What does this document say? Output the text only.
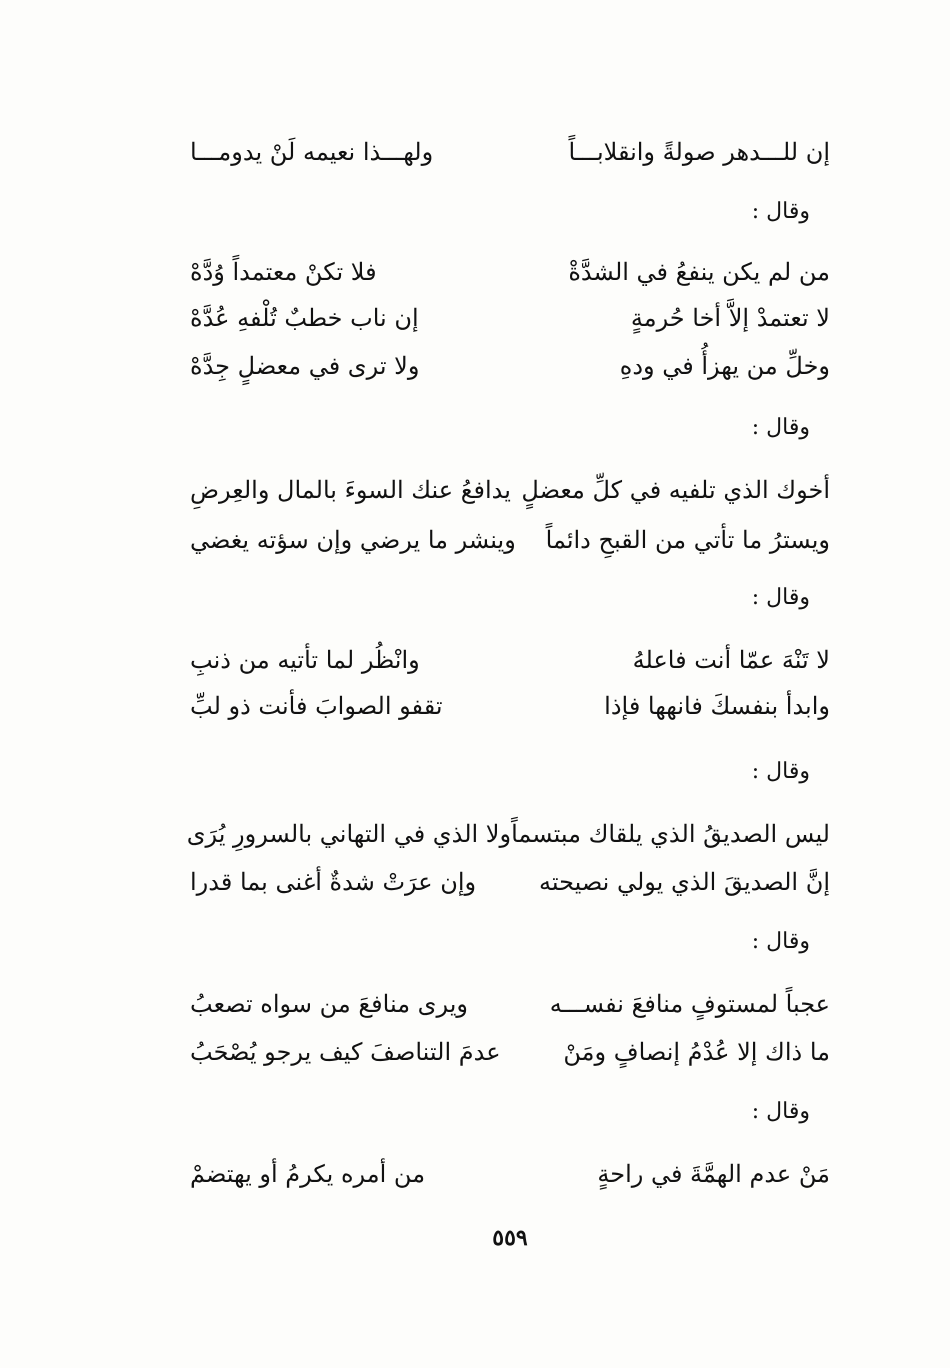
إن للـــدهر صولةً وانقلابـــاً
ولهـــذا نعيمه لَنْ يدومـــا
وقال :
من لم يكن ينفعُ في الشدَّةْ
فلا تكنْ معتمداً وُدَّهْ
لا تعتمدْ إلاَّ أخا حُرمةٍ
إن ناب خطبٌ تُلْفهِ عُدَّهْ
وخلِّ من يهزأُ في ودهِ
ولا ترى في معضلٍ جِدَّهْ
وقال :
أخوك الذي تلفيه في كلِّ معضلٍ
يدافعُ عنك السوءَ بالمال والعِرضِ
ويسترُ ما تأتي من القبحِ دائماً
وينشر ما يرضي وإن سؤته يغضي
وقال :
لا تَنْهَ عمّا أنت فاعلهُ
وانْظُر لما تأتيه من ذنبِ
وابدأ بنفسكَ فانهها فإذا
تقفو الصوابَ فأنت ذو لبِّ
وقال :
ليس الصديقُ الذي يلقاك مبتسماً
ولا الذي في التهاني بالسرورِ يُرَى
إنَّ الصديقَ الذي يولي نصيحته
وإن عرَتْ شدةٌ أغنى بما قدرا
وقال :
عجباً لمستوفٍ منافعَ نفســـه
ويرى منافعَ من سواه تصعبُ
ما ذاك إلا عُدْمُ إنصافٍ ومَنْ
عدمَ التناصفَ كيف يرجو يُصْحَبُ
وقال :
مَنْ عدم الهمَّةَ في راحةٍ
من أمره يكرمُ أو يهتضمْ
٥٥٩
